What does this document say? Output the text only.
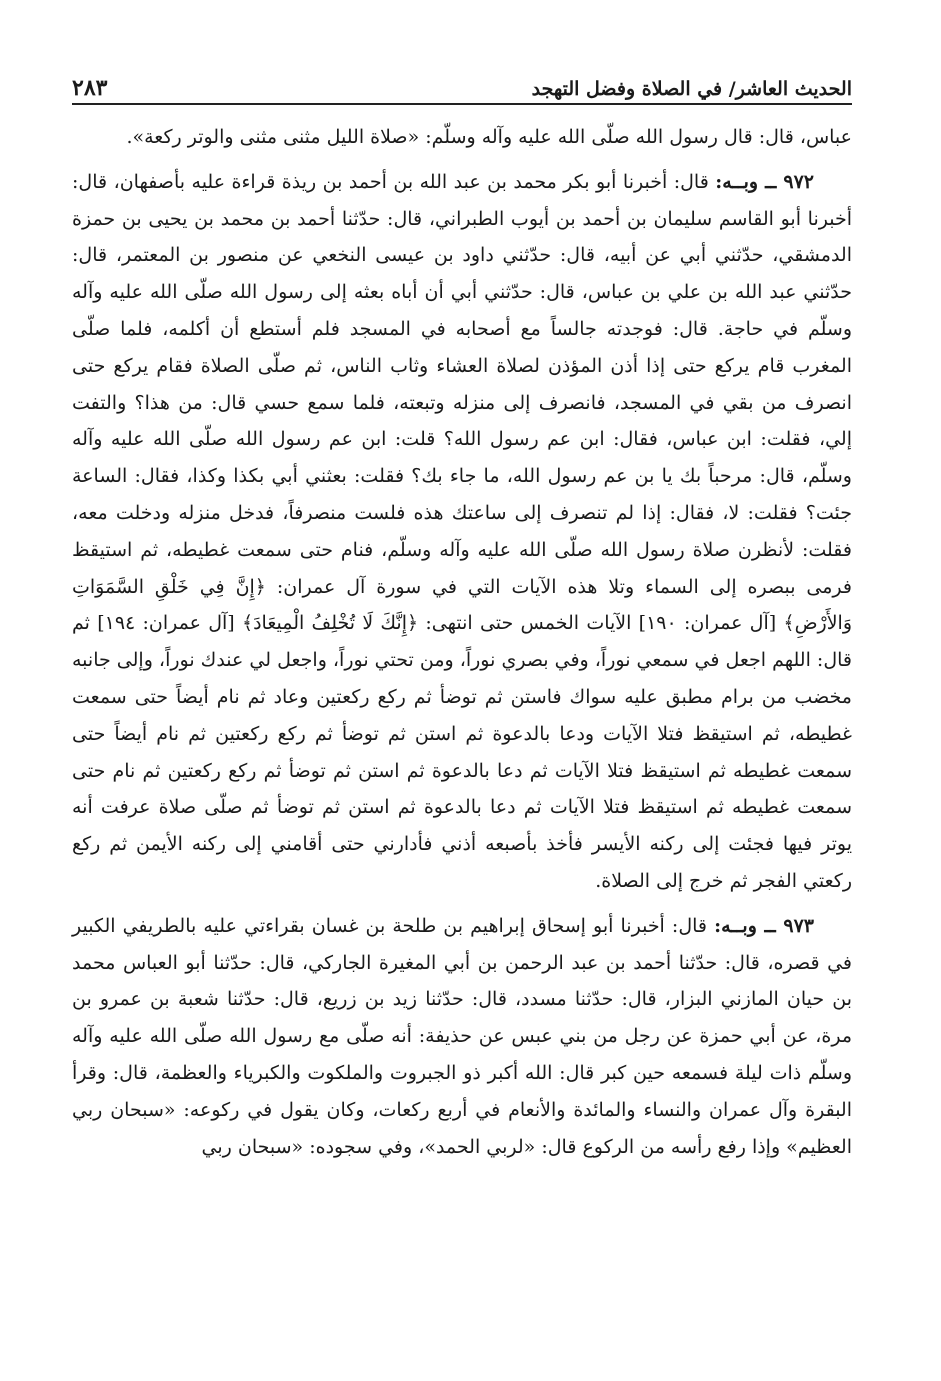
الحديث العاشر/ في الصلاة وفضل التهجد
٢٨٣

عباس، قال: قال رسول الله صلّى الله عليه وآله وسلّم: «صلاة الليل مثنى مثنى والوتر ركعة».

٩٧٢ ــ وبــه: قال: أخبرنا أبو بكر محمد بن عبد الله بن أحمد بن ريذة قراءة عليه بأصفهان، قال: أخبرنا أبو القاسم سليمان بن أحمد بن أيوب الطبراني، قال: حدّثنا أحمد بن محمد بن يحيى بن حمزة الدمشقي، حدّثني أبي عن أبيه، قال: حدّثني داود بن عيسى النخعي عن منصور بن المعتمر، قال: حدّثني عبد الله بن علي بن عباس، قال: حدّثني أبي أن أباه بعثه إلى رسول الله صلّى الله عليه وآله وسلّم في حاجة. قال: فوجدته جالساً مع أصحابه في المسجد فلم أستطع أن أكلمه، فلما صلّى المغرب قام يركع حتى إذا أذن المؤذن لصلاة العشاء وثاب الناس، ثم صلّى الصلاة فقام يركع حتى انصرف من بقي في المسجد، فانصرف إلى منزله وتبعته، فلما سمع حسي قال: من هذا؟ والتفت إلي، فقلت: ابن عباس، فقال: ابن عم رسول الله؟ قلت: ابن عم رسول الله صلّى الله عليه وآله وسلّم، قال: مرحباً بك يا بن عم رسول الله، ما جاء بك؟ فقلت: بعثني أبي بكذا وكذا، فقال: الساعة جئت؟ فقلت: لا، فقال: إذا لم تنصرف إلى ساعتك هذه فلست منصرفاً، فدخل منزله ودخلت معه، فقلت: لأنظرن صلاة رسول الله صلّى الله عليه وآله وسلّم، فنام حتى سمعت غطيطه، ثم استيقظ فرمى ببصره إلى السماء وتلا هذه الآيات التي في سورة آل عمران: ﴿إِنَّ فِي خَلْقِ السَّمَوَاتِ وَالأَرْضِ﴾ [آل عمران: ١٩٠] الآيات الخمس حتى انتهى: ﴿إِنَّكَ لَا تُخْلِفُ الْمِيعَادَ﴾ [آل عمران: ١٩٤] ثم قال: اللهم اجعل في سمعي نوراً، وفي بصري نوراً، ومن تحتي نوراً، واجعل لي عندك نوراً، وإلى جانبه مخضب من برام مطبق عليه سواك فاستن ثم توضأ ثم ركع ركعتين وعاد ثم نام أيضاً حتى سمعت غطيطه، ثم استيقظ فتلا الآيات ودعا بالدعوة ثم استن ثم توضأ ثم ركع ركعتين ثم نام أيضاً حتى سمعت غطيطه ثم استيقظ فتلا الآيات ثم دعا بالدعوة ثم استن ثم توضأ ثم ركع ركعتين ثم نام حتى سمعت غطيطه ثم استيقظ فتلا الآيات ثم دعا بالدعوة ثم استن ثم توضأ ثم صلّى صلاة عرفت أنه يوتر فيها فجئت إلى ركنه الأيسر فأخذ بأصبعه أذني فأدارني حتى أقامني إلى ركنه الأيمن ثم ركع ركعتي الفجر ثم خرج إلى الصلاة.

٩٧٣ ــ وبــه: قال: أخبرنا أبو إسحاق إبراهيم بن طلحة بن غسان بقراءتي عليه بالطريفي الكبير في قصره، قال: حدّثنا أحمد بن عبد الرحمن بن أبي المغيرة الجاركي، قال: حدّثنا أبو العباس محمد بن حيان المازني البزار، قال: حدّثنا مسدد، قال: حدّثنا زيد بن زريع، قال: حدّثنا شعبة بن عمرو بن مرة، عن أبي حمزة عن رجل من بني عبس عن حذيفة: أنه صلّى مع رسول الله صلّى الله عليه وآله وسلّم ذات ليلة فسمعه حين كبر قال: الله أكبر ذو الجبروت والملكوت والكبرياء والعظمة، قال: وقرأ البقرة وآل عمران والنساء والمائدة والأنعام في أربع ركعات، وكان يقول في ركوعه: «سبحان ربي العظيم» وإذا رفع رأسه من الركوع قال: «لربي الحمد»، وفي سجوده: «سبحان ربي
